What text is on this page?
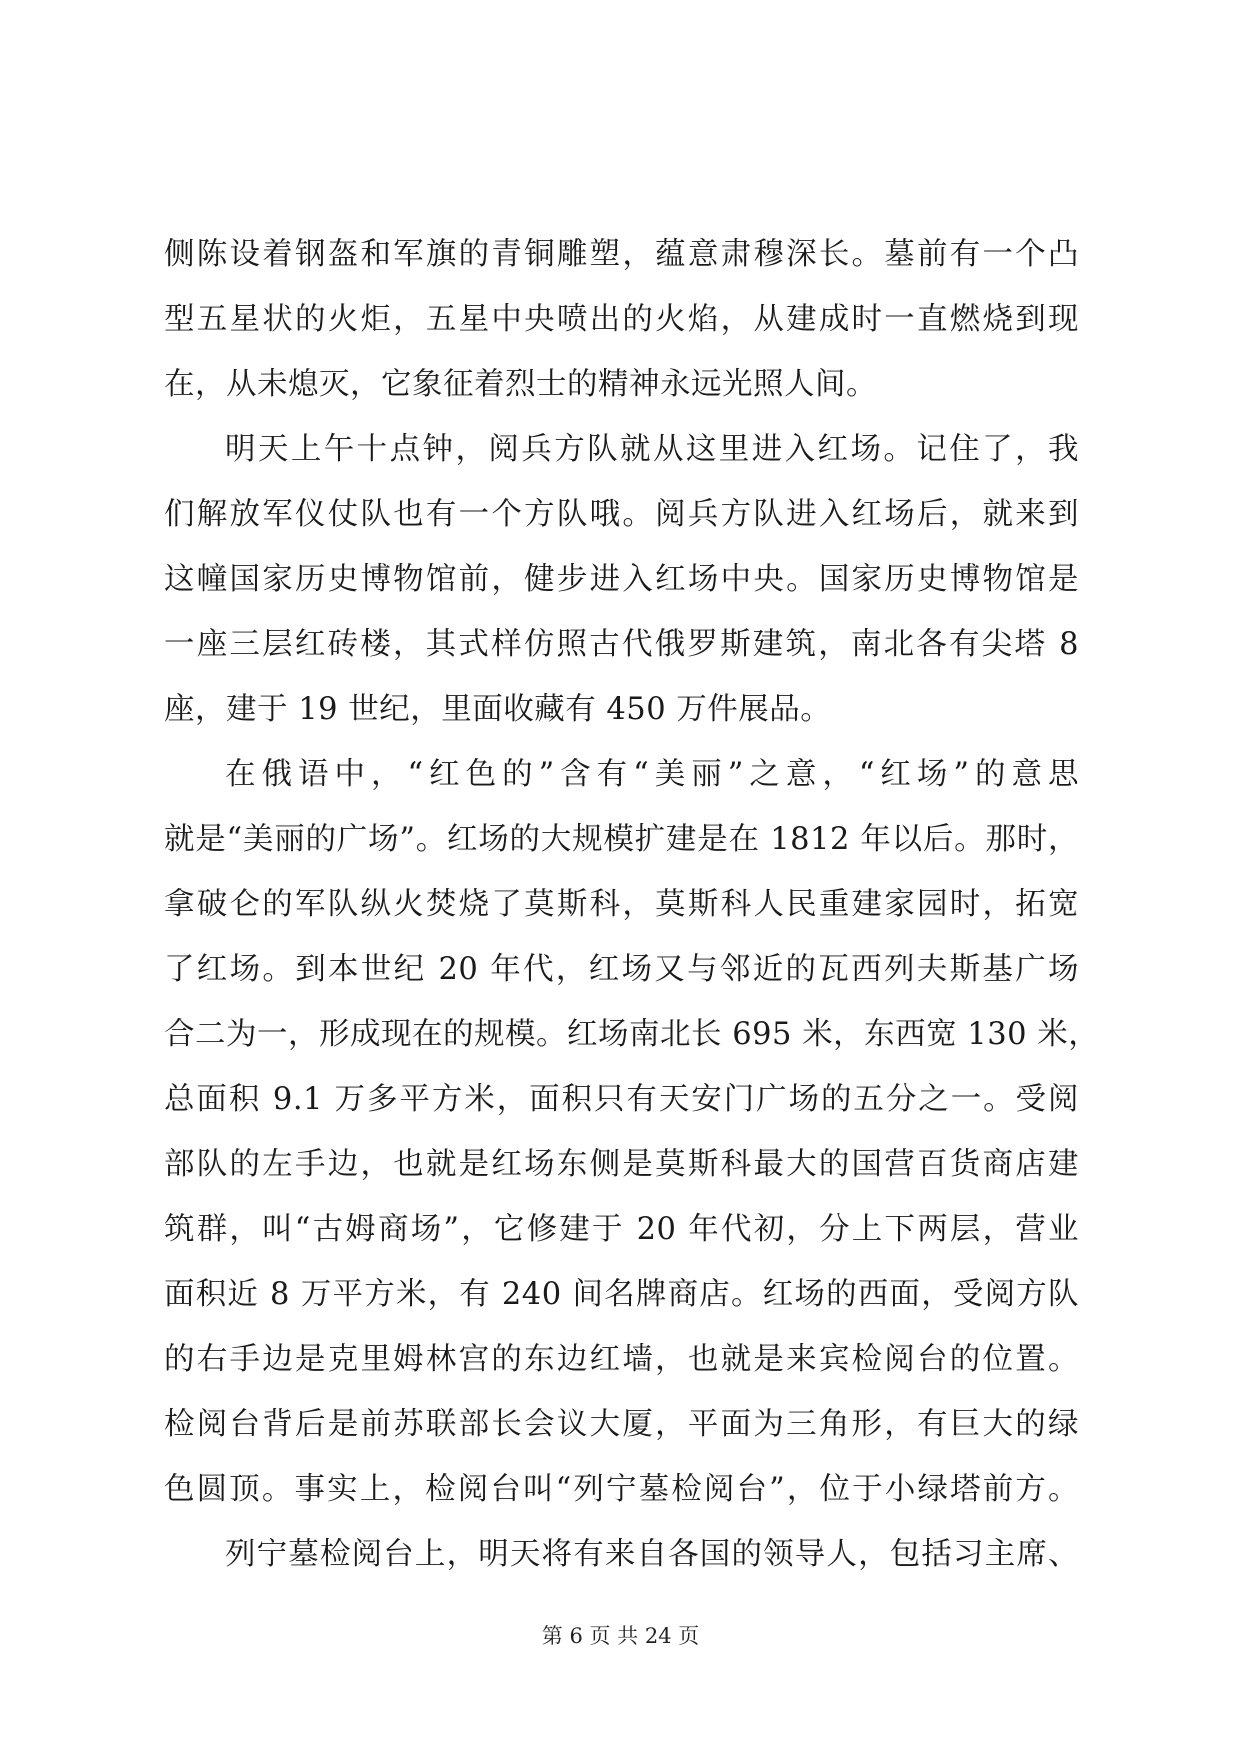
侧陈设着钢盔和军旗的青铜雕塑，蕴意肃穆深长。墓前有一个凸
型五星状的火炬，五星中央喷出的火焰，从建成时一直燃烧到现
在，从未熄灭，它象征着烈士的精神永远光照人间。
明天上午十点钟，阅兵方队就从这里进入红场。记住了，我
们解放军仪仗队也有一个方队哦。阅兵方队进入红场后，就来到
这幢国家历史博物馆前，健步进入红场中央。国家历史博物馆是
一座三层红砖楼，其式样仿照古代俄罗斯建筑，南北各有尖塔 8
座，建于 19 世纪，里面收藏有 450 万件展品。
在俄语中，“红色的”含有“美丽”之意，“红场”的意思
就是“美丽的广场”。红场的大规模扩建是在 1812 年以后。那时，
拿破仑的军队纵火焚烧了莫斯科，莫斯科人民重建家园时，拓宽
了红场。到本世纪 20 年代，红场又与邻近的瓦西列夫斯基广场
合二为一，形成现在的规模。红场南北长 695 米，东西宽 130 米，
总面积 9.1 万多平方米，面积只有天安门广场的五分之一。受阅
部队的左手边，也就是红场东侧是莫斯科最大的国营百货商店建
筑群，叫“古姆商场”，它修建于 20 年代初，分上下两层，营业
面积近 8 万平方米，有 240 间名牌商店。红场的西面，受阅方队
的右手边是克里姆林宫的东边红墙，也就是来宾检阅台的位置。
检阅台背后是前苏联部长会议大厦，平面为三角形，有巨大的绿
色圆顶。事实上，检阅台叫“列宁墓检阅台”，位于小绿塔前方。
列宁墓检阅台上，明天将有来自各国的领导人，包括习主席、
第 6 页 共 24 页
